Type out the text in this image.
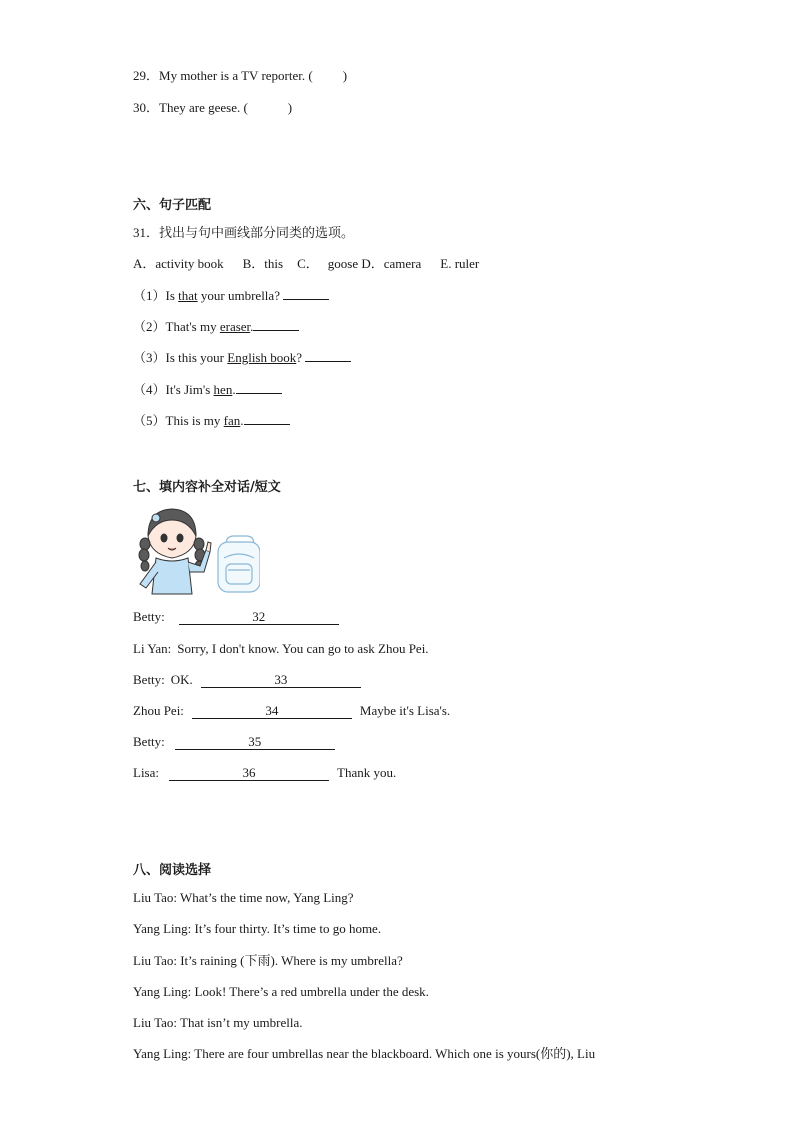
29．My mother is a TV reporter. ( )
30．They are geese. (	)
六、句子匹配
31．找出与句中画线部分同类的选项。
A．activity book B．this C． goose D．camera E. ruler
（1）Is that your umbrella?
（2）That's my eraser.
（3）Is this your English book?
（4）It's Jim's hen.
（5）This is my fan.
七、填内容补全对话/短文
Betty:	32
Li Yan: Sorry, I don't know. You can go to ask Zhou Pei.
Betty: OK.	33
Zhou Pei:	34	Maybe it's Lisa's.
Betty:	35
Lisa:	36	Thank you.
八、阅读选择
Liu Tao: What’s the time now, Yang Ling?
Yang Ling: It’s four thirty. It’s time to go home.
Liu Tao: It’s raining (下雨). Where is my umbrella?
Yang Ling: Look! There’s a red umbrella under the desk.
Liu Tao: That isn’t my umbrella.
Yang Ling: There are four umbrellas near the blackboard. Which one is yours(你的), Liu
